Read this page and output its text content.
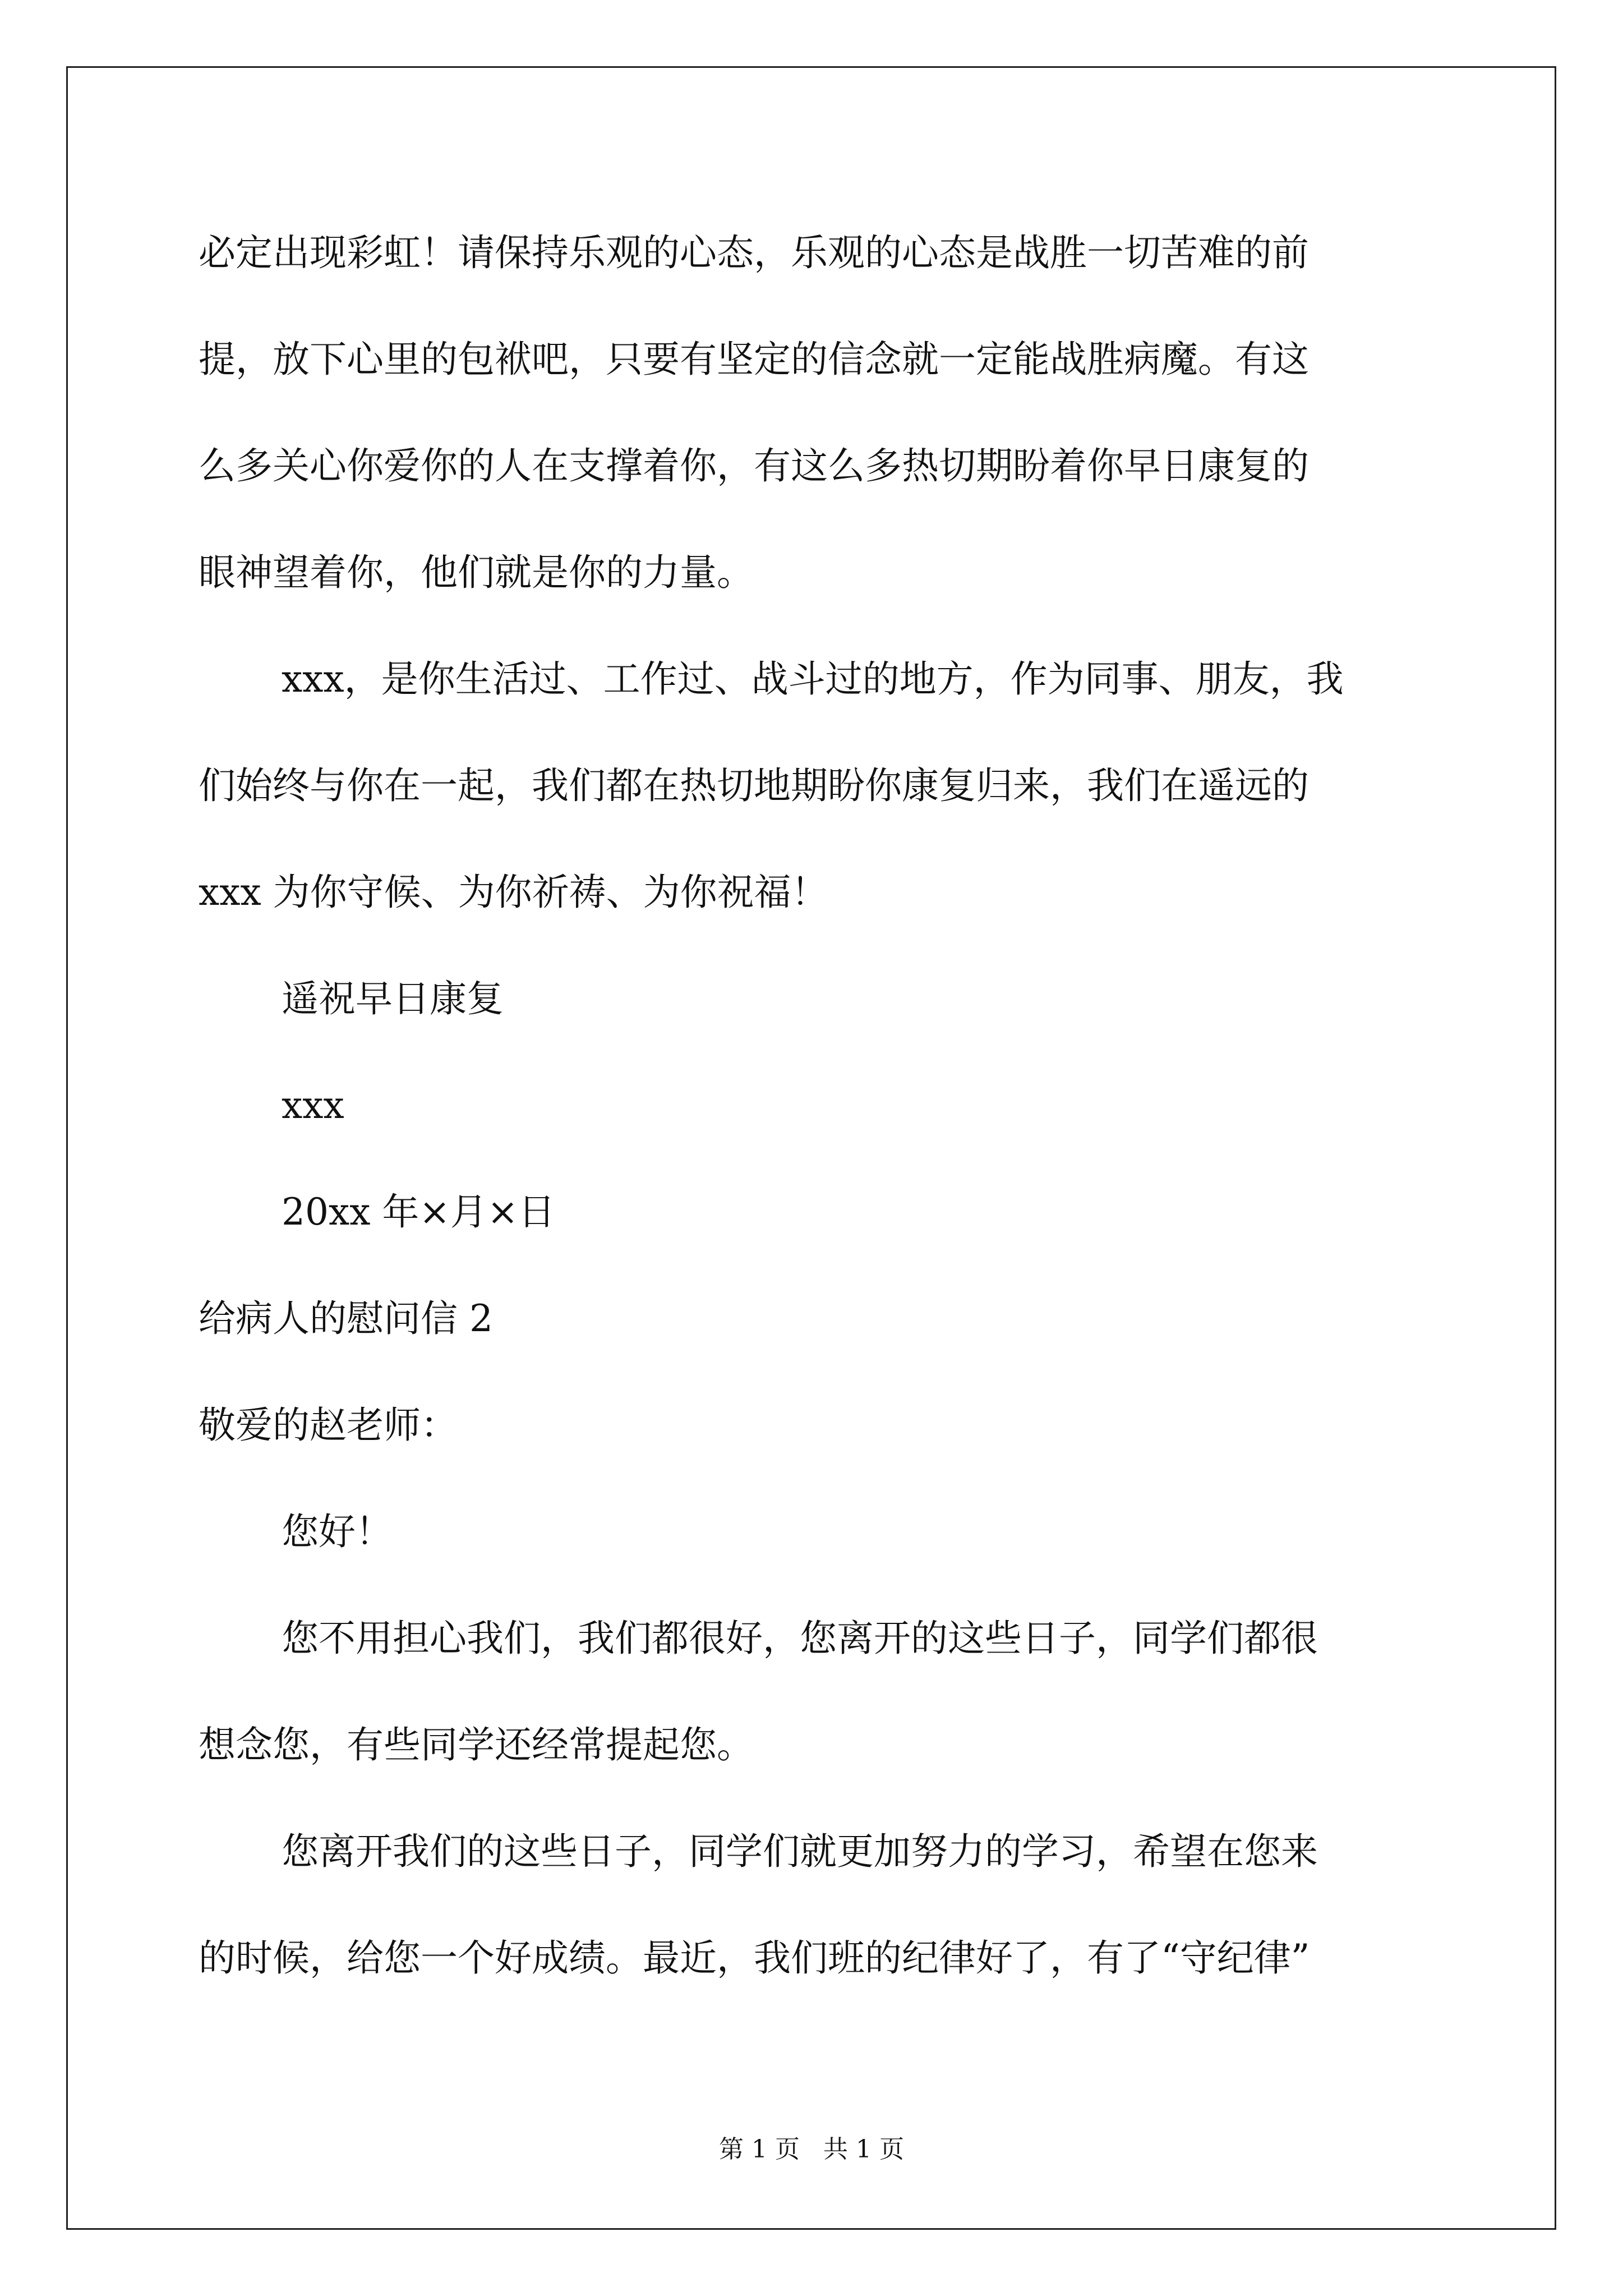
必定出现彩虹！请保持乐观的心态，乐观的心态是战胜一切苦难的前
提，放下心里的包袱吧，只要有坚定的信念就一定能战胜病魔。有这
么多关心你爱你的人在支撑着你，有这么多热切期盼着你早日康复的
眼神望着你，他们就是你的力量。
xxx，是你生活过、工作过、战斗过的地方，作为同事、朋友，我
们始终与你在一起，我们都在热切地期盼你康复归来，我们在遥远的
xxx 为你守候、为你祈祷、为你祝福！
遥祝早日康复
xxx
20xx 年×月×日
给病人的慰问信 2
敬爱的赵老师：
您好！
您不用担心我们，我们都很好，您离开的这些日子，同学们都很
想念您，有些同学还经常提起您。
您离开我们的这些日子，同学们就更加努力的学习，希望在您来
的时候，给您一个好成绩。最近，我们班的纪律好了，有了“守纪律”
第 1 页   共 1 页
